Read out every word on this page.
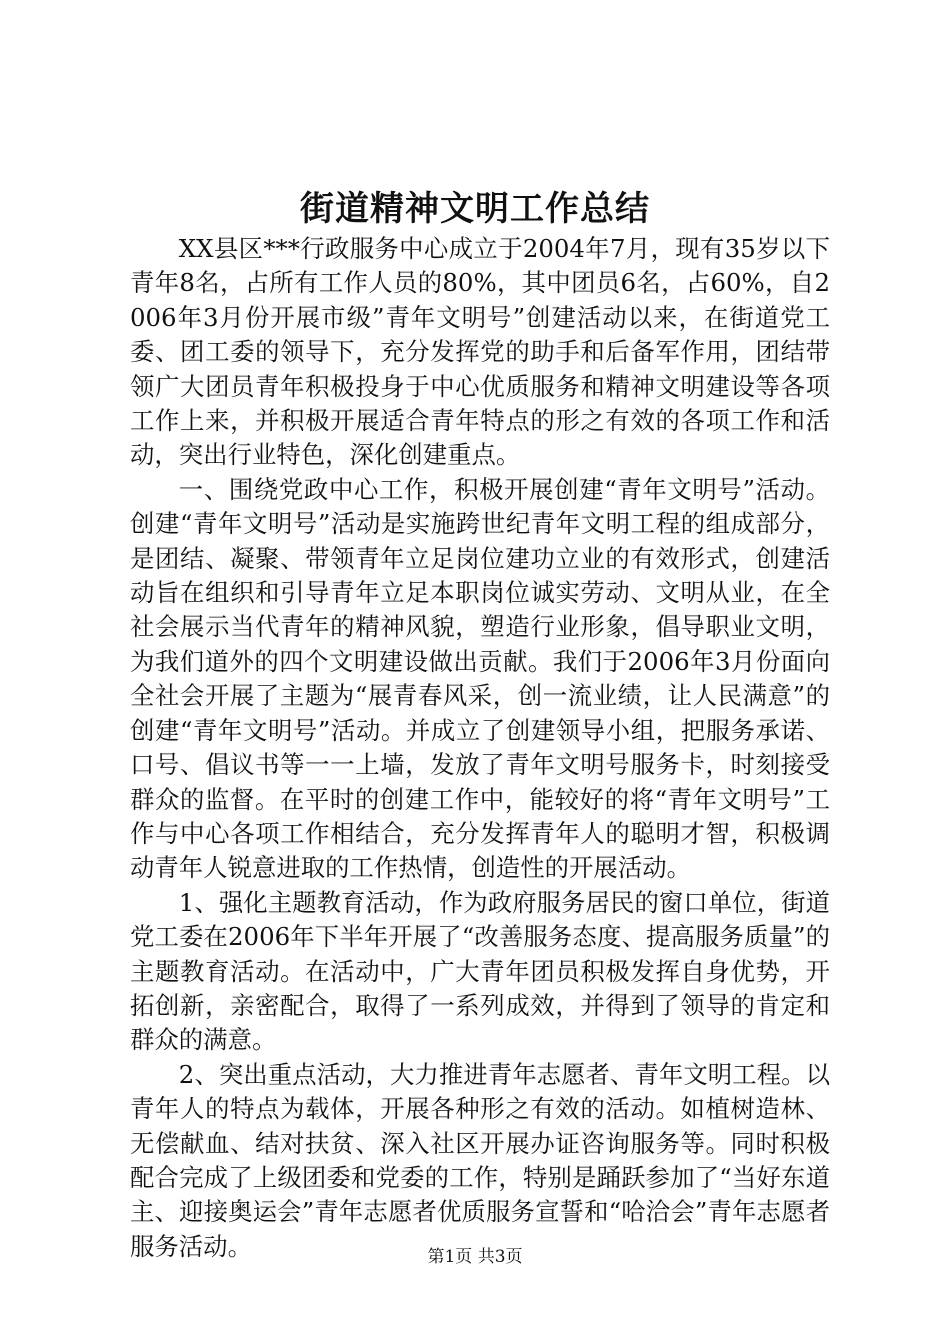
街道精神文明工作总结

XX县区***行政服务中心成立于2004年7月，现有35岁以下青年8名，占所有工作人员的80%，其中团员6名，占60%，自2006年3月份开展市级”青年文明号”创建活动以来，在街道党工委、团工委的领导下，充分发挥党的助手和后备军作用，团结带领广大团员青年积极投身于中心优质服务和精神文明建设等各项工作上来，并积极开展适合青年特点的形之有效的各项工作和活动，突出行业特色，深化创建重点。

一、围绕党政中心工作，积极开展创建“青年文明号”活动。创建“青年文明号”活动是实施跨世纪青年文明工程的组成部分，是团结、凝聚、带领青年立足岗位建功立业的有效形式，创建活动旨在组织和引导青年立足本职岗位诚实劳动、文明从业，在全社会展示当代青年的精神风貌，塑造行业形象，倡导职业文明，为我们道外的四个文明建设做出贡献。我们于2006年3月份面向全社会开展了主题为“展青春风采，创一流业绩，让人民满意”的创建“青年文明号”活动。并成立了创建领导小组，把服务承诺、口号、倡议书等一一上墙，发放了青年文明号服务卡，时刻接受群众的监督。在平时的创建工作中，能较好的将“青年文明号”工作与中心各项工作相结合，充分发挥青年人的聪明才智，积极调动青年人锐意进取的工作热情，创造性的开展活动。

1、强化主题教育活动，作为政府服务居民的窗口单位，街道党工委在2006年下半年开展了“改善服务态度、提高服务质量”的主题教育活动。在活动中，广大青年团员积极发挥自身优势，开拓创新，亲密配合，取得了一系列成效，并得到了领导的肯定和群众的满意。

2、突出重点活动，大力推进青年志愿者、青年文明工程。以青年人的特点为载体，开展各种形之有效的活动。如植树造林、无偿献血、结对扶贫、深入社区开展办证咨询服务等。同时积极配合完成了上级团委和党委的工作，特别是踊跃参加了“当好东道主、迎接奥运会”青年志愿者优质服务宣誓和“哈洽会”青年志愿者服务活动。	第1页 共3页
